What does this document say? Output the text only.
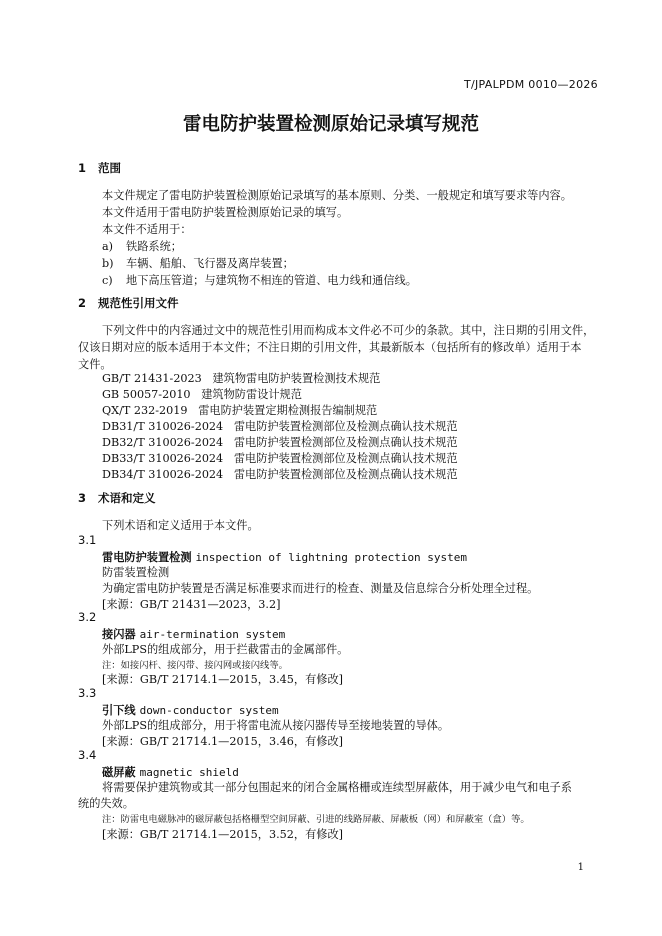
T/JPALPDM 0010—2026
雷电防护装置检测原始记录填写规范
1 范围
本文件规定了雷电防护装置检测原始记录填写的基本原则、分类、一般规定和填写要求等内容。
本文件适用于雷电防护装置检测原始记录的填写。
本文件不适用于：
a) 铁路系统；
b) 车辆、船舶、飞行器及离岸装置；
c) 地下高压管道；与建筑物不相连的管道、电力线和通信线。
2 规范性引用文件
下列文件中的内容通过文中的规范性引用而构成本文件必不可少的条款。其中，注日期的引用文件，
仅该日期对应的版本适用于本文件；不注日期的引用文件，其最新版本（包括所有的修改单）适用于本
文件。
GB/T 21431-2023 建筑物雷电防护装置检测技术规范
GB 50057-2010 建筑物防雷设计规范
QX/T 232-2019 雷电防护装置定期检测报告编制规范
DB31/T 310026-2024 雷电防护装置检测部位及检测点确认技术规范
DB32/T 310026-2024 雷电防护装置检测部位及检测点确认技术规范
DB33/T 310026-2024 雷电防护装置检测部位及检测点确认技术规范
DB34/T 310026-2024 雷电防护装置检测部位及检测点确认技术规范
3 术语和定义
下列术语和定义适用于本文件。
3.1
雷电防护装置检测 inspection of lightning protection system
防雷装置检测
为确定雷电防护装置是否满足标准要求而进行的检查、测量及信息综合分析处理全过程。
[来源：GB/T 21431—2023，3.2]
3.2
接闪器 air-termination system
外部LPS的组成部分，用于拦截雷击的金属部件。
注：如接闪杆、接闪带、接闪网或接闪线等。
[来源：GB/T 21714.1—2015，3.45，有修改]
3.3
引下线 down-conductor system
外部LPS的组成部分，用于将雷电流从接闪器传导至接地装置的导体。
[来源：GB/T 21714.1—2015，3.46，有修改]
3.4
磁屏蔽 magnetic shield
将需要保护建筑物或其一部分包围起来的闭合金属格栅或连续型屏蔽体，用于减少电气和电子系
统的失效。
注：防雷电电磁脉冲的磁屏蔽包括格栅型空间屏蔽、引进的线路屏蔽、屏蔽板（网）和屏蔽室（盒）等。
[来源：GB/T 21714.1—2015，3.52，有修改]
1
